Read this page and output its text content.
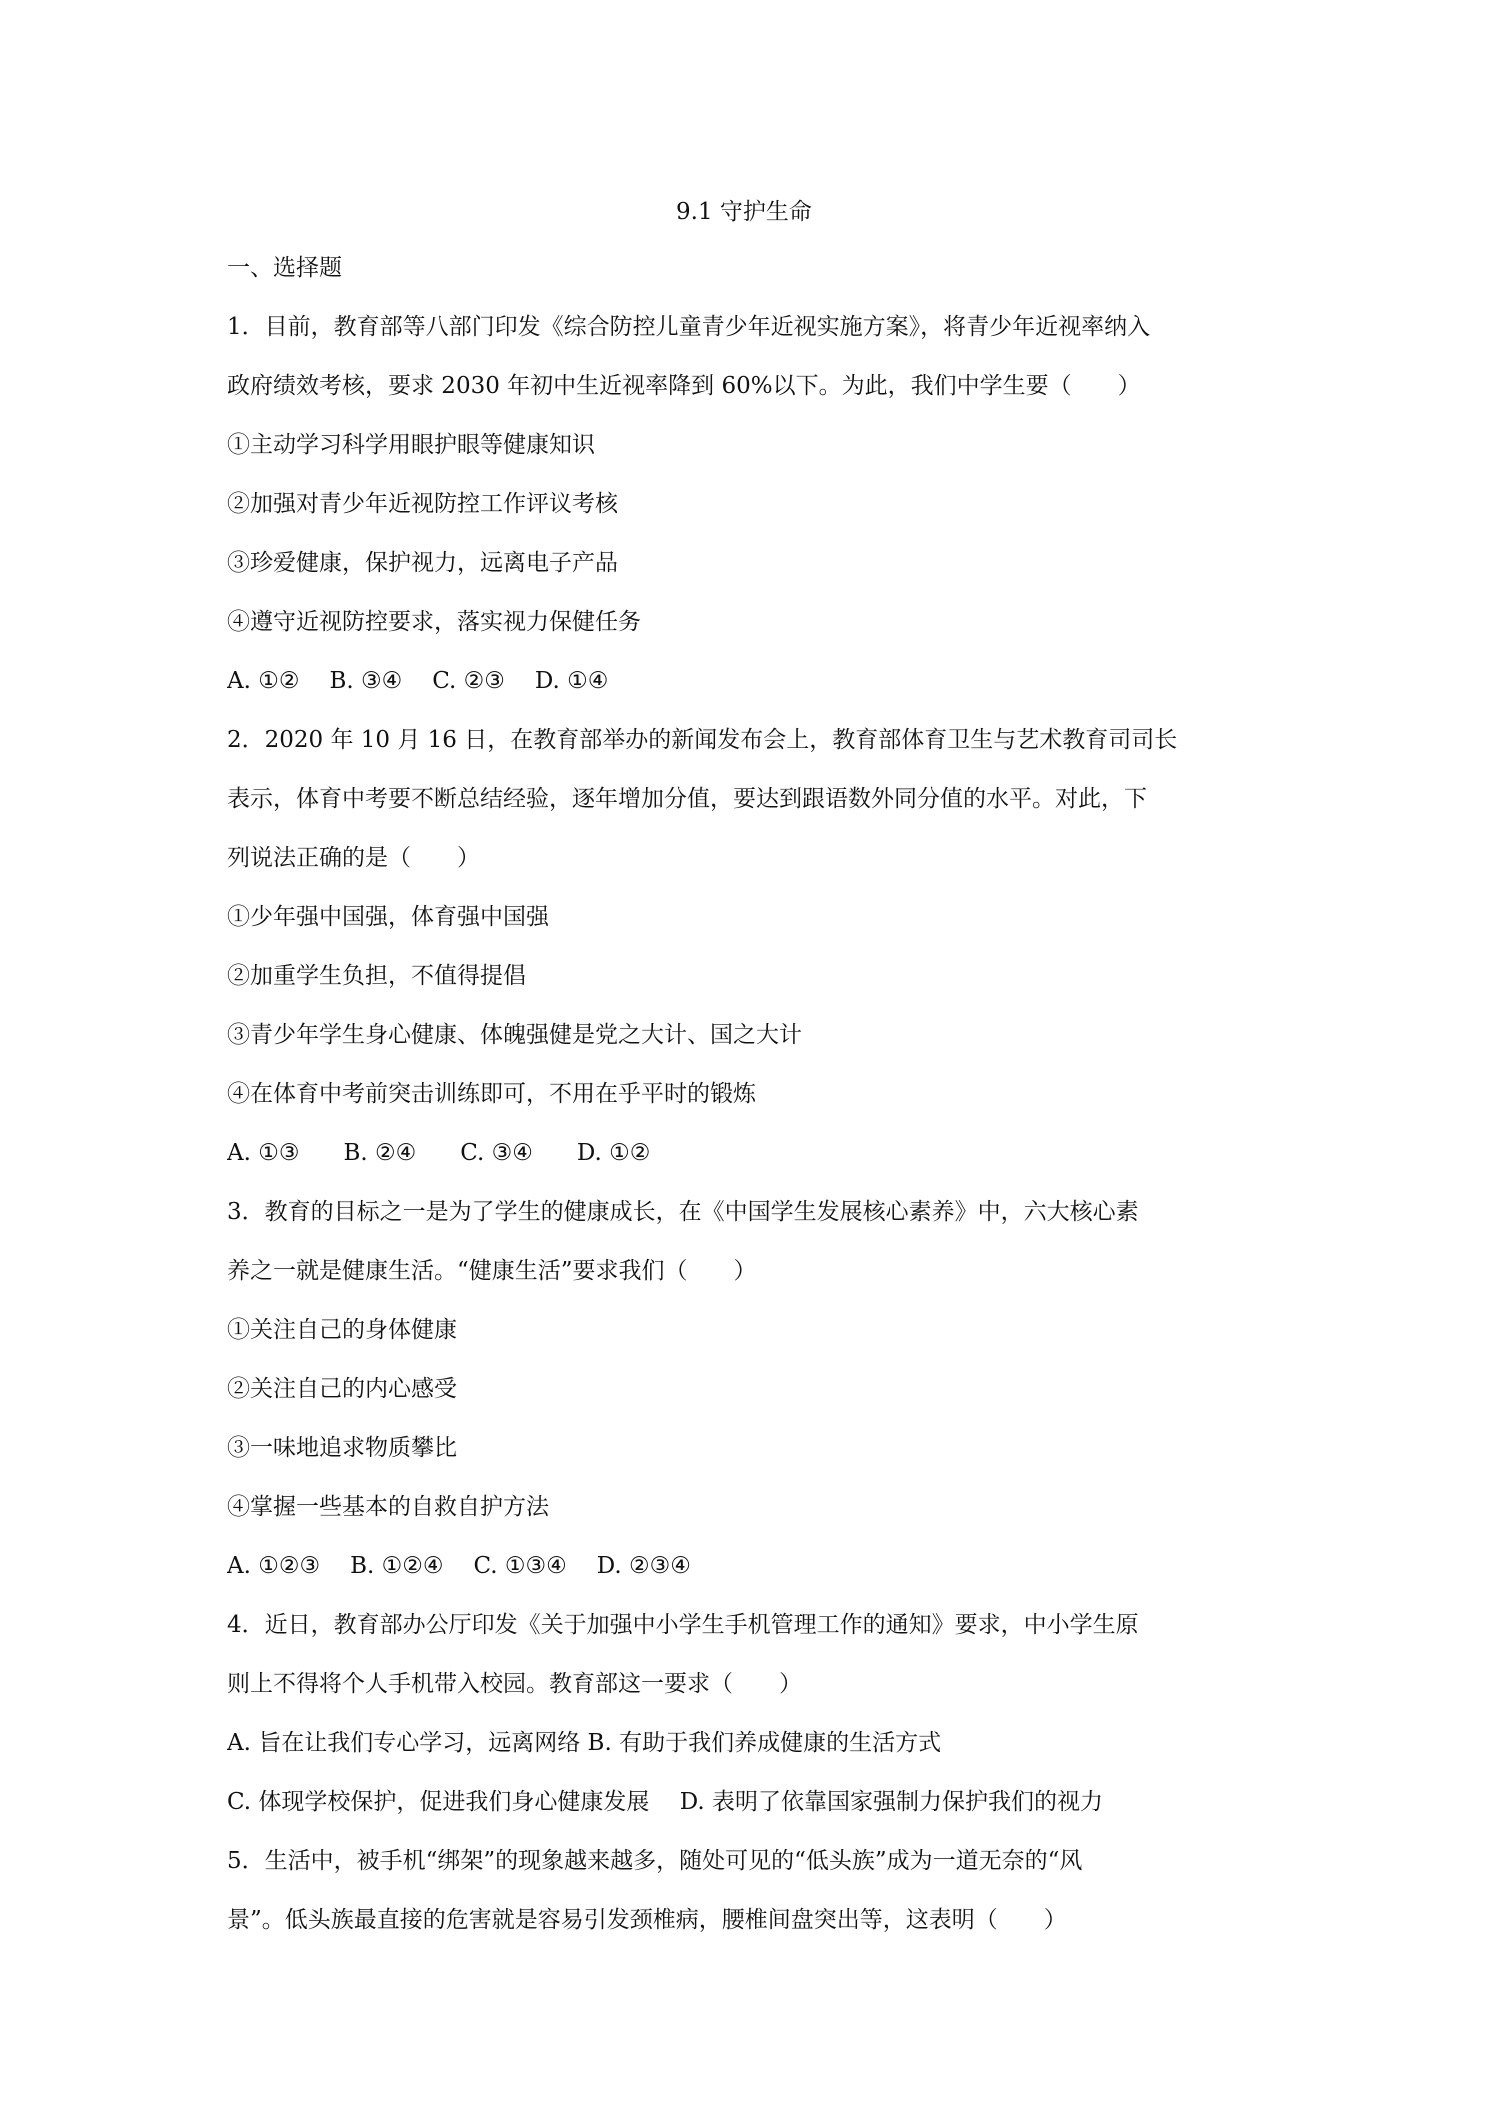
9.1 守护生命
一、选择题
1．目前，教育部等八部门印发《综合防控儿童青少年近视实施方案》，将青少年近视率纳入
政府绩效考核，要求 2030 年初中生近视率降到 60%以下。为此，我们中学生要（　　）
①主动学习科学用眼护眼等健康知识
②加强对青少年近视防控工作评议考核
③珍爱健康，保护视力，远离电子产品
④遵守近视防控要求，落实视力保健任务
A. ①② B. ③④ C. ②③ D. ①④
2．2020 年 10 月 16 日，在教育部举办的新闻发布会上，教育部体育卫生与艺术教育司司长
表示，体育中考要不断总结经验，逐年增加分值，要达到跟语数外同分值的水平。对此，下
列说法正确的是（　　）
①少年强中国强，体育强中国强
②加重学生负担，不值得提倡
③青少年学生身心健康、体魄强健是党之大计、国之大计
④在体育中考前突击训练即可，不用在乎平时的锻炼
A. ①③ B. ②④ C. ③④ D. ①②
3．教育的目标之一是为了学生的健康成长，在《中国学生发展核心素养》中，六大核心素
养之一就是健康生活。“健康生活”要求我们（　　）
①关注自己的身体健康
②关注自己的内心感受
③一味地追求物质攀比
④掌握一些基本的自救自护方法
A. ①②③ B. ①②④ C. ①③④ D. ②③④
4．近日，教育部办公厅印发《关于加强中小学生手机管理工作的通知》要求，中小学生原
则上不得将个人手机带入校园。教育部这一要求（　　）
A. 旨在让我们专心学习，远离网络 B. 有助于我们养成健康的生活方式
C. 体现学校保护，促进我们身心健康发展　 D. 表明了依靠国家强制力保护我们的视力
5．生活中，被手机“绑架”的现象越来越多，随处可见的“低头族”成为一道无奈的“风
景”。低头族最直接的危害就是容易引发颈椎病，腰椎间盘突出等，这表明（　　）
